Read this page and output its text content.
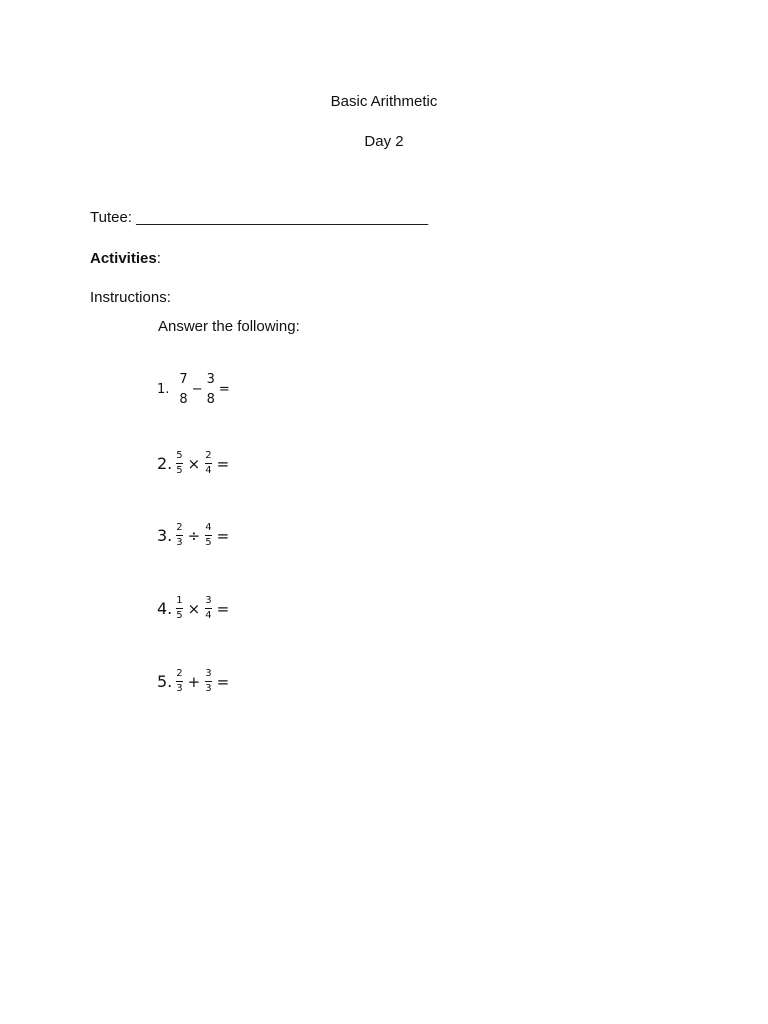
Basic Arithmetic
Day 2
Tutee: ___________________________________
Activities:
Instructions:
Answer the following:
1.
7
8
−
3
8
=
2. $\frac{5}{5} \times \frac{2}{4}$ =
3. $\frac{2}{3} \div \frac{4}{5}$ =
4. $\frac{1}{5} \times \frac{3}{4}$ =
5. $\frac{2}{3} + \frac{3}{3}$ =
